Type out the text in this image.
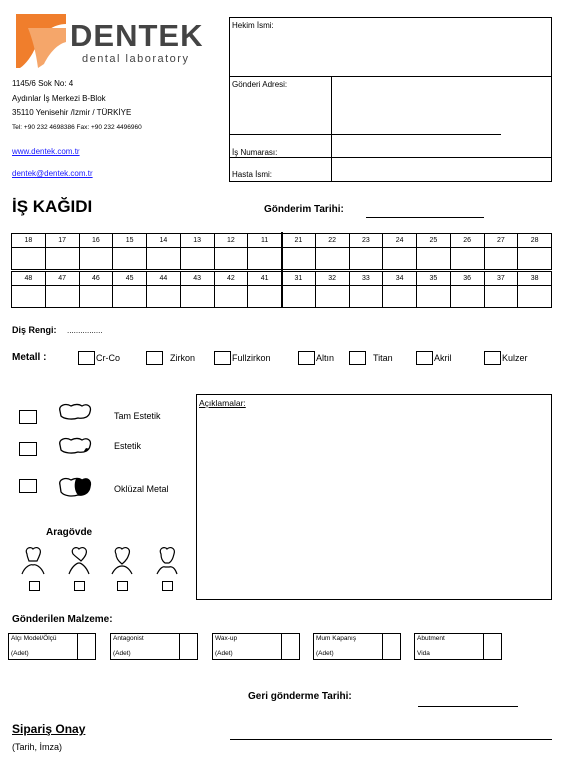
DENTEK
dental laboratory
1145/6 Sok No: 4
Aydınlar İş Merkezi B-Blok
35110 Yenisehir /Izmir / TÜRKİYE
Tel: +90 232 4698386 Fax: +90 232 4496960
www.dentek.com.tr
dentek@dentek.com.tr
Hekim İsmi:
Gönderi Adresi:
İş Numarası:
Hasta İsmi:
İŞ KAĞIDI	Gönderim Tarihi:
18	17	16	15	14	13	12	11	21	22	23	24	25	26	27	28

48	47	46	45	44	43	42	41	31	32	33	34	35	36	37	38

Diş Rengi: ................
Metall :	Cr-Co	Zirkon	Fullzirkon	Altın	Titan	Akril	Kulzer
Tam Estetik
Estetik
Oklüzal Metal
Aragövde
Açıklamalar:
Gönderilen Malzeme:
Alçı Model/Ölçü
(Adet)
Antagonist
(Adet)
Wax-up
(Adet)
Mum Kapanış
(Adet)
Abutment
Vida
Geri gönderme Tarihi:
Sipariş Onay
(Tarih, İmza)
